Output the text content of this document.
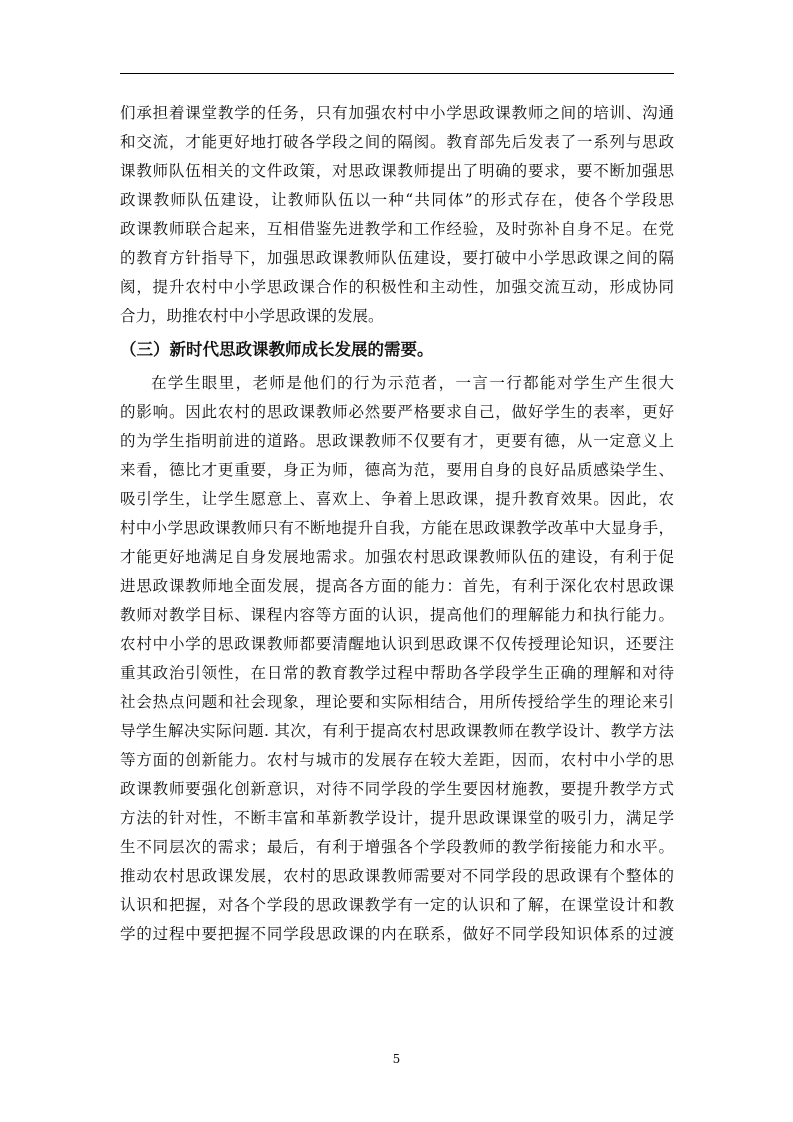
们承担着课堂教学的任务，只有加强农村中小学思政课教师之间的培训、沟通
和交流，才能更好地打破各学段之间的隔阂。教育部先后发表了一系列与思政
课教师队伍相关的文件政策，对思政课教师提出了明确的要求，要不断加强思
政课教师队伍建设，让教师队伍以一种“共同体”的形式存在，使各个学段思
政课教师联合起来，互相借鉴先进教学和工作经验，及时弥补自身不足。在党
的教育方针指导下，加强思政课教师队伍建设，要打破中小学思政课之间的隔
阂，提升农村中小学思政课合作的积极性和主动性，加强交流互动，形成协同
合力，助推农村中小学思政课的发展。
（三）新时代思政课教师成长发展的需要。
在学生眼里，老师是他们的行为示范者，一言一行都能对学生产生很大
的影响。因此农村的思政课教师必然要严格要求自己，做好学生的表率，更好
的为学生指明前进的道路。思政课教师不仅要有才，更要有德，从一定意义上
来看，德比才更重要，身正为师，德高为范，要用自身的良好品质感染学生、
吸引学生，让学生愿意上、喜欢上、争着上思政课，提升教育效果。因此，农
村中小学思政课教师只有不断地提升自我，方能在思政课教学改革中大显身手，
才能更好地满足自身发展地需求。加强农村思政课教师队伍的建设，有利于促
进思政课教师地全面发展，提高各方面的能力：首先，有利于深化农村思政课
教师对教学目标、课程内容等方面的认识，提高他们的理解能力和执行能力。
农村中小学的思政课教师都要清醒地认识到思政课不仅传授理论知识，还要注
重其政治引领性，在日常的教育教学过程中帮助各学段学生正确的理解和对待
社会热点问题和社会现象，理论要和实际相结合，用所传授给学生的理论来引
导学生解决实际问题. 其次，有利于提高农村思政课教师在教学设计、教学方法
等方面的创新能力。农村与城市的发展存在较大差距，因而，农村中小学的思
政课教师要强化创新意识，对待不同学段的学生要因材施教，要提升教学方式
方法的针对性，不断丰富和革新教学设计，提升思政课课堂的吸引力，满足学
生不同层次的需求；最后，有利于增强各个学段教师的教学衔接能力和水平。
推动农村思政课发展，农村的思政课教师需要对不同学段的思政课有个整体的
认识和把握，对各个学段的思政课教学有一定的认识和了解，在课堂设计和教
学的过程中要把握不同学段思政课的内在联系，做好不同学段知识体系的过渡
5
